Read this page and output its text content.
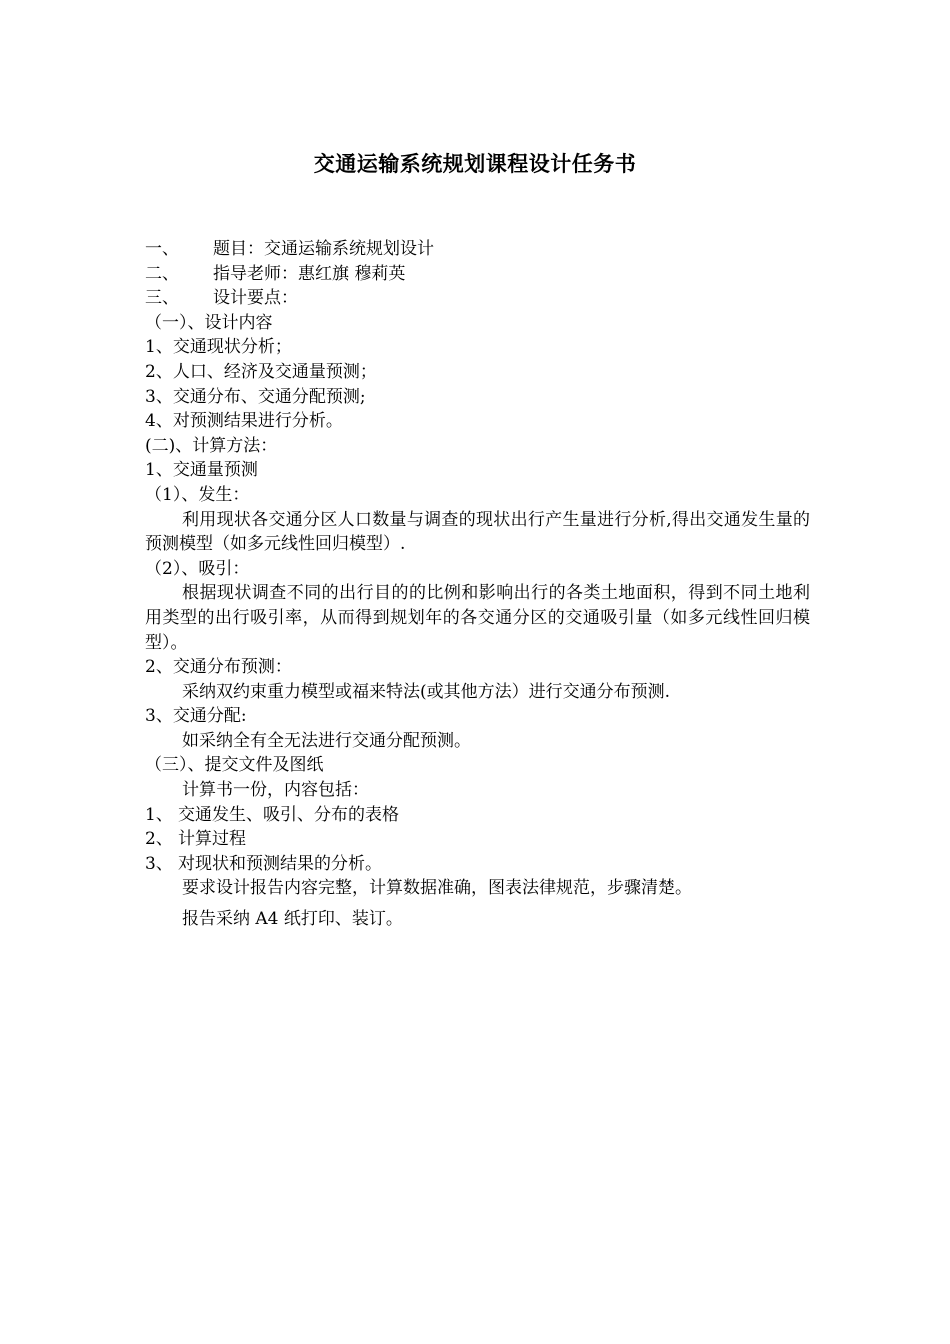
交通运输系统规划课程设计任务书
一、 题目：交通运输系统规划设计
二、 指导老师：惠红旗 穆莉英
三、 设计要点：
（一）、设计内容
1、交通现状分析；
2、人口、经济及交通量预测；
3、交通分布、交通分配预测;
4、对预测结果进行分析。
(二)、计算方法：
1、交通量预测
（1）、发生：
利用现状各交通分区人口数量与调查的现状出行产生量进行分析,得出交通发生量的预测模型（如多元线性回归模型）.
（2）、吸引：
根据现状调查不同的出行目的的比例和影响出行的各类土地面积，得到不同土地利用类型的出行吸引率，从而得到规划年的各交通分区的交通吸引量（如多元线性回归模型）。
2、交通分布预测：
采纳双约束重力模型或福来特法(或其他方法）进行交通分布预测.
3、交通分配:
如采纳全有全无法进行交通分配预测。
（三）、提交文件及图纸
计算书一份，内容包括：
1、 交通发生、吸引、分布的表格
2、 计算过程
3、 对现状和预测结果的分析。
要求设计报告内容完整，计算数据准确，图表法律规范，步骤清楚。
报告采纳 A4 纸打印、装订。
